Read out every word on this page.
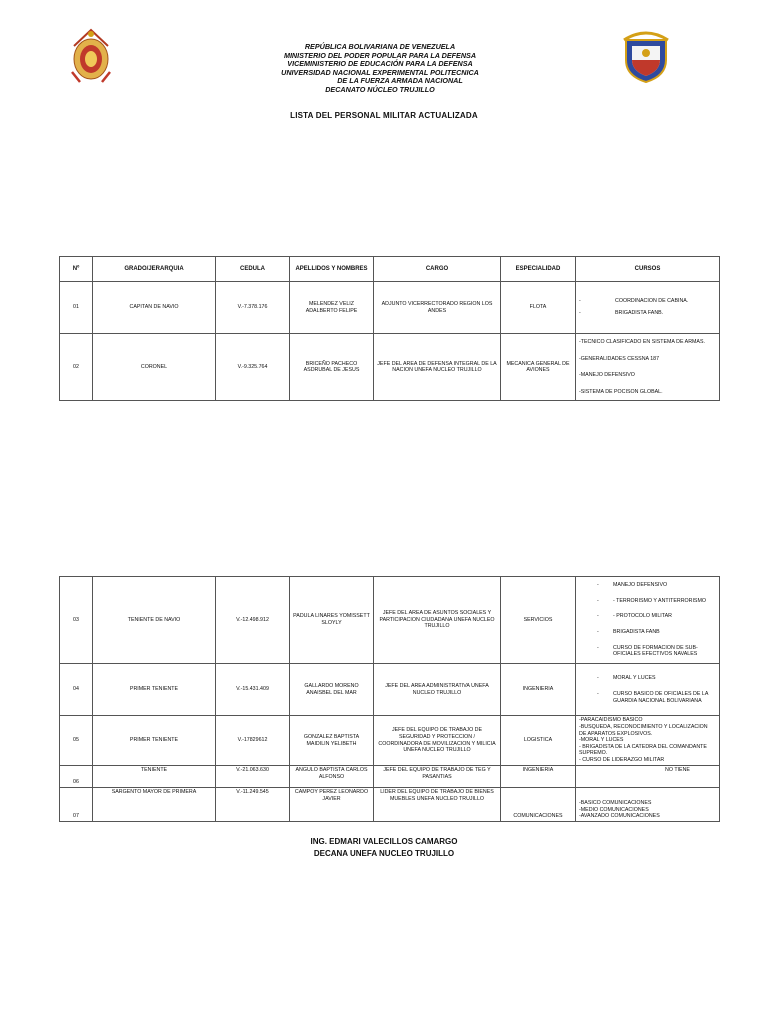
REPÚBLICA BOLIVARIANA DE VENEZUELA
MINISTERIO DEL PODER POPULAR PARA LA DEFENSA
VICEMINISTERIO DE EDUCACIÓN PARA LA DEFENSA
UNIVERSIDAD NACIONAL EXPERIMENTAL POLITECNICA
DE LA FUERZA ARMADA NACIONAL
DECANATO NÚCLEO TRUJILLO
LISTA DEL PERSONAL MILITAR ACTUALIZADA
Nº	GRADO/JERARQUIA	CEDULA	APELLIDOS Y NOMBRES	CARGO	ESPECIALIDAD	CURSOS
01	CAPITAN DE NAVIO	V.-7.378.176	MELENDEZ VELIZ ADALBERTO FELIPE	ADJUNTO VICERRECTORADO REGION LOS ANDES	FLOTA	- COORDINACION DE CABINA.
- BRIGADISTA FANB.

02	CORONEL	V.-9.325.764	BRICEÑO PACHECO ASDRUBAL DE JESUS	JEFE DEL AREA DE DEFENSA INTEGRAL DE LA NACION UNEFA NUCLEO TRUJILLO	MECANICA GENERAL DE AVIONES	-TECNICO CLASIFICADO EN SISTEMA DE ARMAS.
-GENERALIDADES CESSNA 187
-MANEJO DEFENSIVO
-SISTEMA DE POCISON GLOBAL.
03	TENIENTE DE NAVIO	V.-12.498.912	PADULA LINARES YOMISSETT SLOYLY	JEFE DEL AREA DE ASUNTOS SOCIALES Y PARTICIPACION CIUDADANA UNEFA NUCLEO TRUJILLO	SERVICIOS	- MANEJO DEFENSIVO
- - TERRORISMO Y ANTITERRORISMO
- - PROTOCOLO MILITAR
- BRIGADISTA FANB
- CURSO DE FORMACION DE SUB-OFICIALES EFECTIVOS NAVALES

04	PRIMER TENIENTE	V.-15.431.409	GALLARDO MORENO ANAISBEL DEL MAR	JEFE DEL AREA ADMINISTRATIVA UNEFA NUCLEO TRUJILLO	INGENIERIA	- MORAL Y LUCES
- CURSO BASICO DE OFICIALES DE LA GUARDIA NACIONAL BOLIVARIANA

05	PRIMER TENIENTE	V.-17829612	GONZALEZ BAPTISTA MAIDILIN YELIBETH	JEFE DEL EQUIPO DE TRABAJO DE SEGURIDAD Y PROTECCION / COORDINADORA DE MOVILIZACION Y MILICIA UNEFA NUCLEO TRUJILLO	LOGISTICA	-PARACAIDISMO BASICO
-BUSQUEDA, RECONOCIMIENTO Y LOCALIZACION DE APARATOS EXPLOSIVOS.
-MORAL Y LUCES
- BRIGADISTA DE LA CATEDRA DEL COMANDANTE SUPREMO.
- CURSO DE LIDERAZGO MILITAR

06	TENIENTE	V.-21.063.630	ANGULO BAPTISTA CARLOS ALFONSO	JEFE DEL EQUIPO DE TRABAJO DE TEG Y PASANTIAS	INGENIERIA	NO TIENE
07	SARGENTO MAYOR DE PRIMERA	V.-11.249.545	CAMPOY PEREZ LEONARDO JAVIER	LIDER DEL EQUIPO DE TRABAJO DE BIENES MUEBLES UNEFA NUCLEO TRUJILLO	COMUNICACIONES	-BASICO COMUNICACIONES
-MEDIO COMUNICACIONES
-AVANZADO COMUNICACIONES
ING. EDMARI VALECILLOS CAMARGO
DECANA UNEFA NUCLEO TRUJILLO
